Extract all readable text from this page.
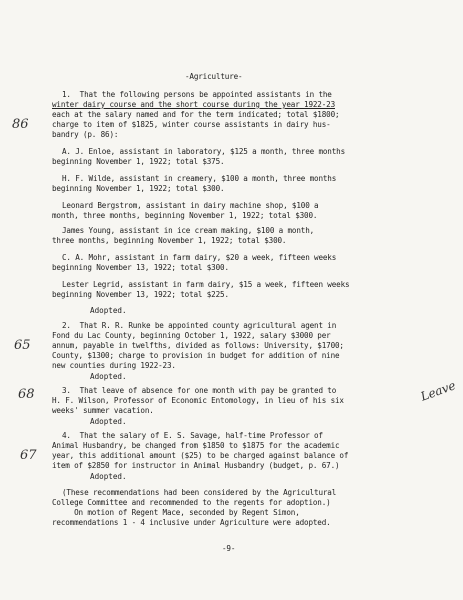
-Agriculture-
1.  That the following persons be appointed assistants in the
winter dairy course and the short course during the year 1922-23
each at the salary named and for the term indicated; total $1800;
charge to item of $1825, winter course assistants in dairy hus-
bandry (p. 86):
86
A. J. Enloe, assistant in laboratory, $125 a month, three months
beginning November 1, 1922; total $375.
H. F. Wilde, assistant in creamery, $100 a month, three months
beginning November 1, 1922; total $300.
Leonard Bergstrom, assistant in dairy machine shop, $100 a
month, three months, beginning November 1, 1922; total $300.
James Young, assistant in ice cream making, $100 a month,
three months, beginning November 1, 1922; total $300.
C. A. Mohr, assistant in farm dairy, $20 a week, fifteen weeks
beginning November 13, 1922; total $300.
Lester Legrid, assistant in farm dairy, $15 a week, fifteen weeks
beginning November 13, 1922; total $225.
Adopted.
2.  That R. R. Runke be appointed county agricultural agent in
Fond du Lac County, beginning October 1, 1922, salary $3000 per
annum, payable in twelfths, divided as follows: University, $1700;
County, $1300; charge to provision in budget for addition of nine
new counties during 1922-23.
Adopted.
65
3.  That leave of absence for one month with pay be granted to
H. F. Wilson, Professor of Economic Entomology, in lieu of his six
weeks' summer vacation.
Adopted.
68	Leave
4.  That the salary of E. S. Savage, half-time Professor of
Animal Husbandry, be changed from $1850 to $1875 for the academic
year, this additional amount ($25) to be charged against balance of
item of $2850 for instructor in Animal Husbandry (budget, p. 67.)
Adopted.
67
(These recommendations had been considered by the Agricultural
College Committee and recommended to the regents for adoption.)
On motion of Regent Mace, seconded by Regent Simon,
recommendations 1 - 4 inclusive under Agriculture were adopted.
-9-
